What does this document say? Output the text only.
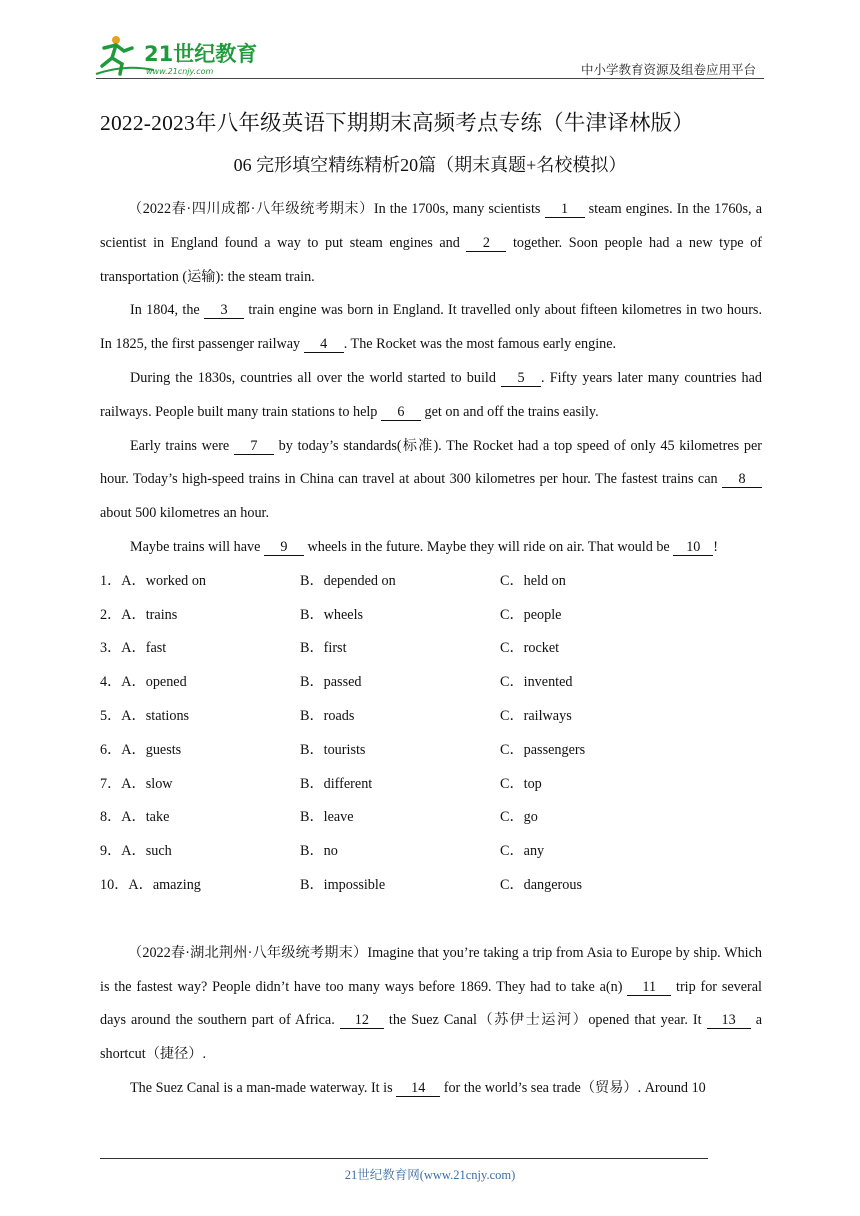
21世纪教育
www.21cnjy.com	中小学教育资源及组卷应用平台
2022-2023年八年级英语下期期末高频考点专练（牛津译林版）
06 完形填空精练精析20篇（期末真题+名校模拟）

（2022春·四川成都·八年级统考期末）In the 1700s, many scientists 1 steam engines. In the 1760s, a scientist in England found a way to put steam engines and 2 together. Soon people had a new type of transportation (运输): the steam train.

In 1804, the 3 train engine was born in England. It travelled only about fifteen kilometres in two hours. In 1825, the first passenger railway 4 . The Rocket was the most famous early engine.

During the 1830s, countries all over the world started to build 5 . Fifty years later many countries had railways. People built many train stations to help 6 get on and off the trains easily.

Early trains were 7 by today’s standards(标准). The Rocket had a top speed of only 45 kilometres per hour. Today’s high-speed trains in China can travel at about 300 kilometres per hour. The fastest trains can 8 about 500 kilometres an hour.

Maybe trains will have 9 wheels in the future. Maybe they will ride on air. That would be 10 !

1．A．worked on	B．depended on	C．held on
2．A．trains	B．wheels	C．people
3．A．fast	B．first	C．rocket
4．A．opened	B．passed	C．invented
5．A．stations	B．roads	C．railways
6．A．guests	B．tourists	C．passengers
7．A．slow	B．different	C．top
8．A．take	B．leave	C．go
9．A．such	B．no	C．any
10．A．amazing	B．impossible	C．dangerous

（2022春·湖北荆州·八年级统考期末）Imagine that you’re taking a trip from Asia to Europe by ship. Which is the fastest way? People didn’t have too many ways before 1869. They had to take a(n) 11 trip for several days around the southern part of Africa. 12 the Suez Canal（苏伊士运河）opened that year. It 13 a shortcut（捷径）.

The Suez Canal is a man-made waterway. It is 14 for the world’s sea trade（贸易）. Around 10

21世纪教育网(www.21cnjy.com)
